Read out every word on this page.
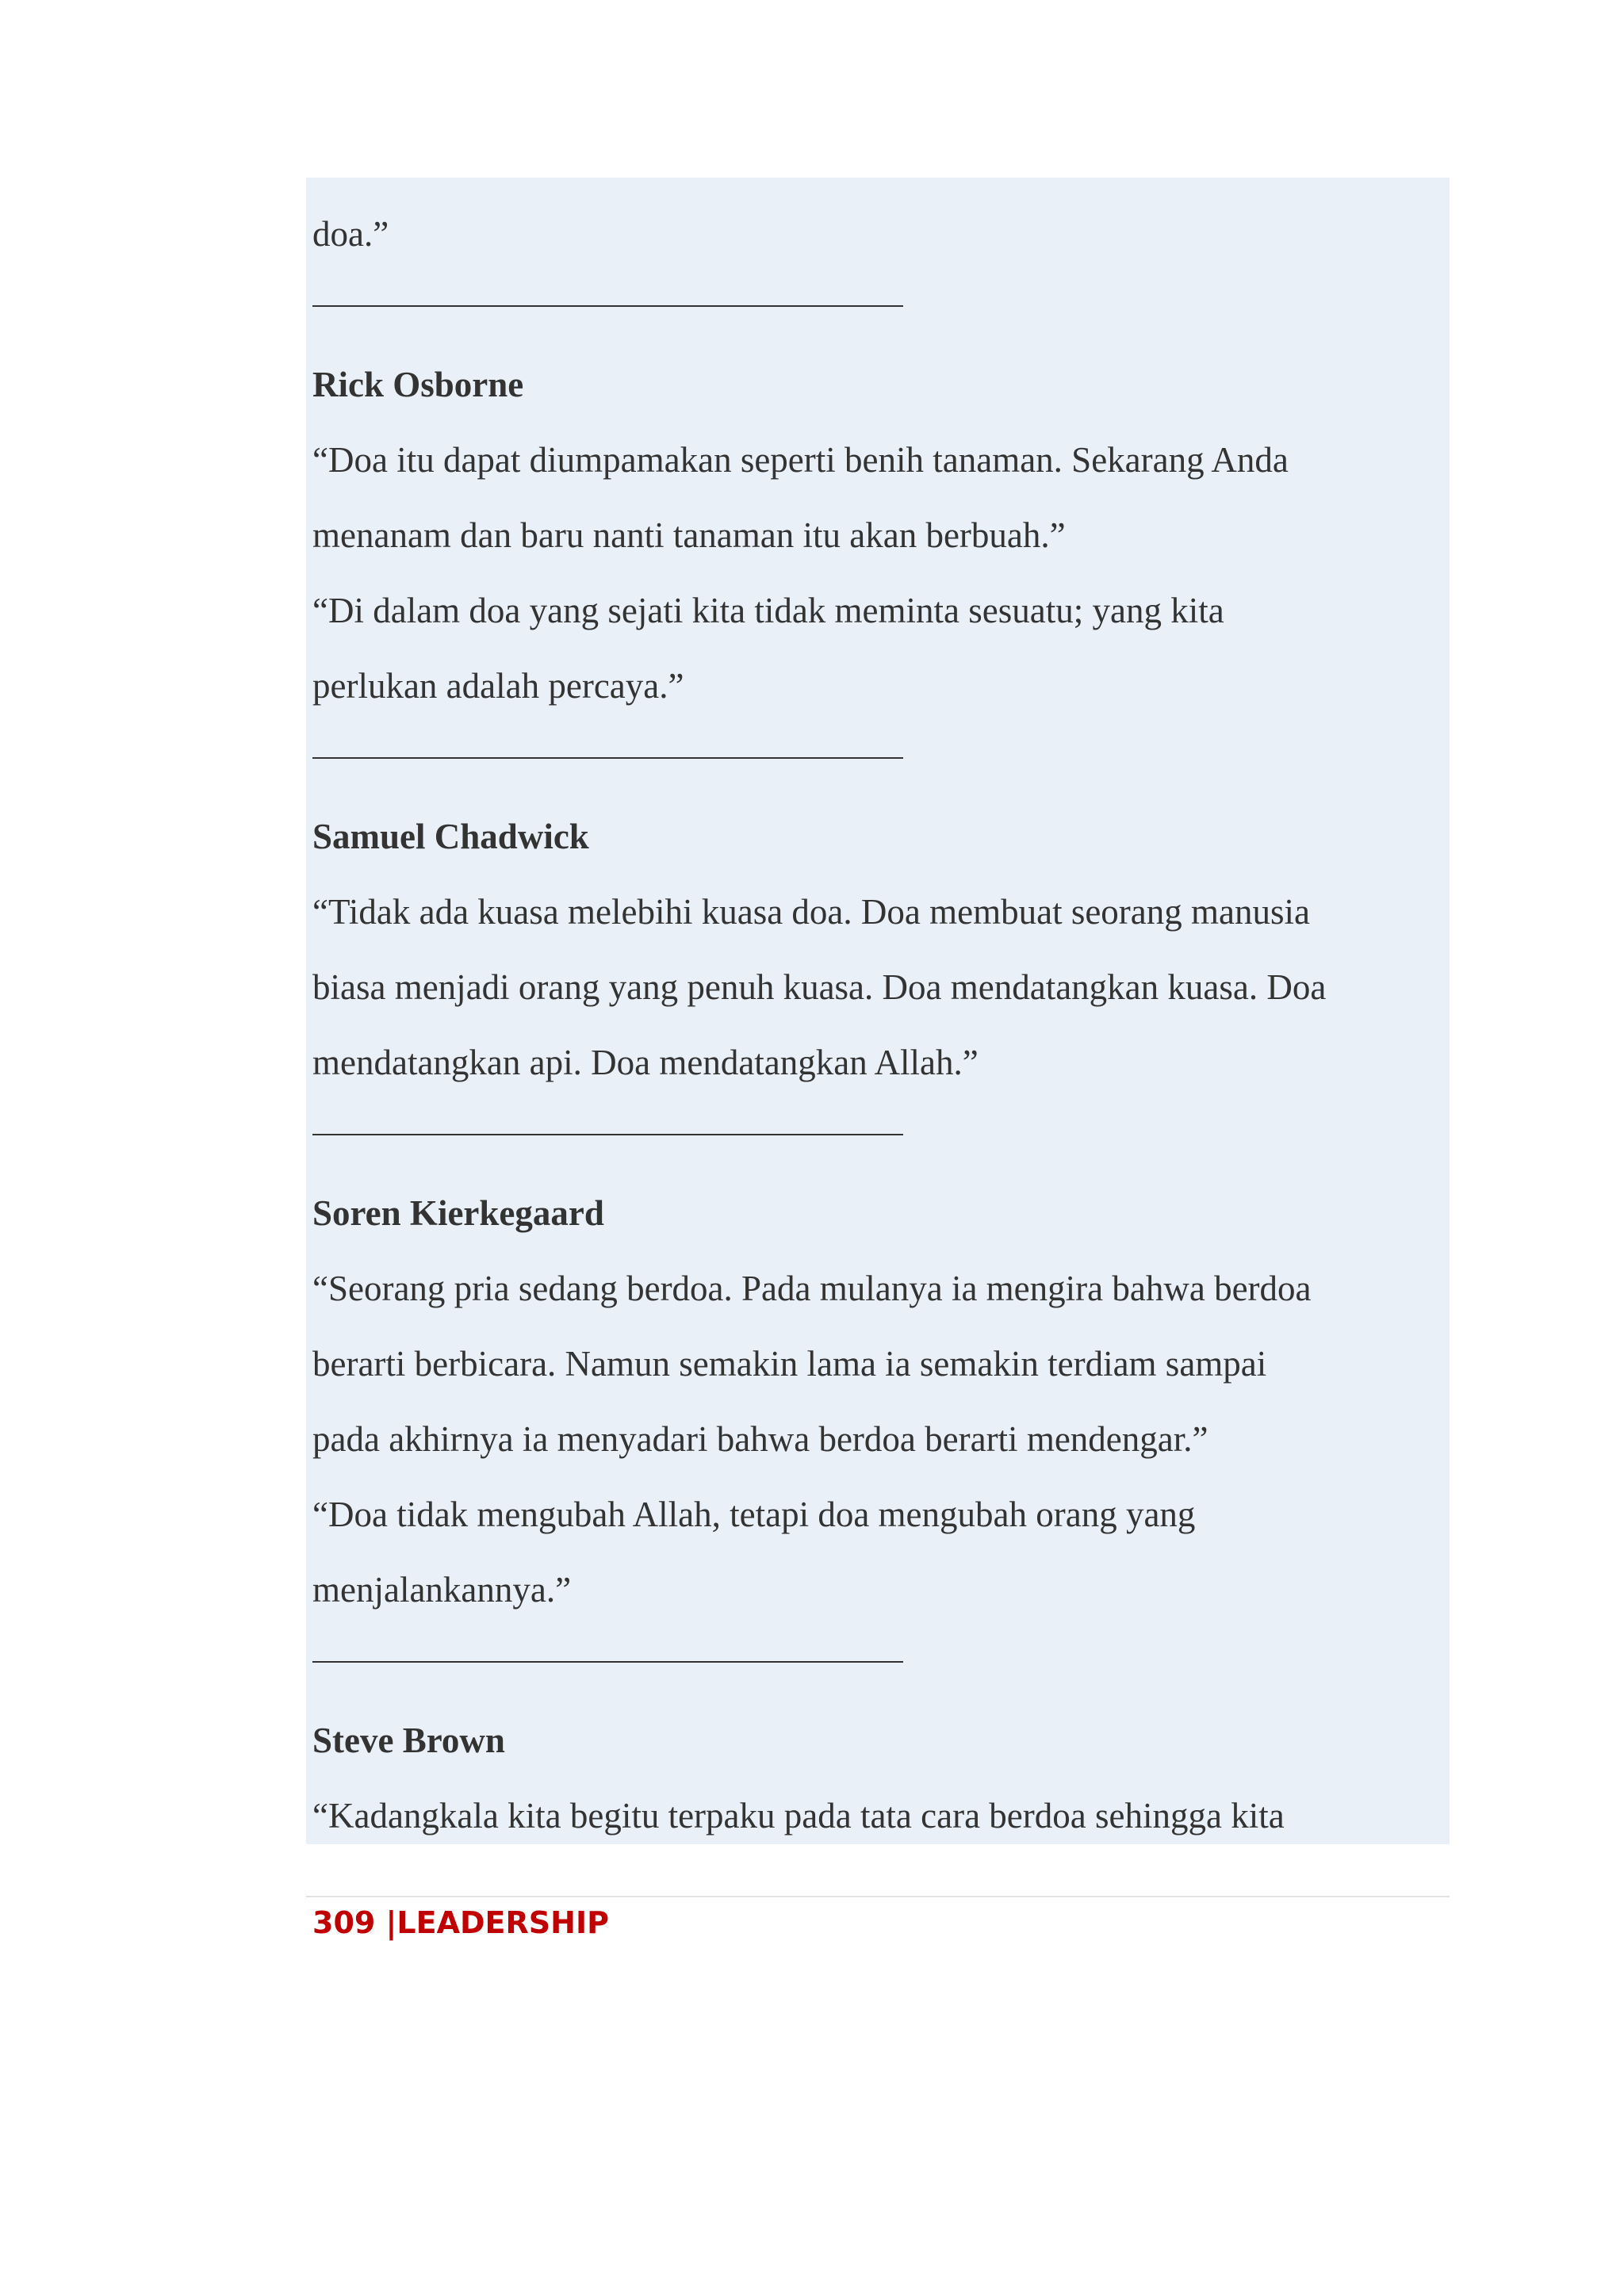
doa.”
Rick Osborne
“Doa itu dapat diumpamakan seperti benih tanaman. Sekarang Anda
menanam dan baru nanti tanaman itu akan berbuah.”
“Di dalam doa yang sejati kita tidak meminta sesuatu; yang kita
perlukan adalah percaya.”
Samuel Chadwick
“Tidak ada kuasa melebihi kuasa doa. Doa membuat seorang manusia
biasa menjadi orang yang penuh kuasa. Doa mendatangkan kuasa. Doa
mendatangkan api. Doa mendatangkan Allah.”
Soren Kierkegaard
“Seorang pria sedang berdoa. Pada mulanya ia mengira bahwa berdoa
berarti berbicara. Namun semakin lama ia semakin terdiam sampai
pada akhirnya ia menyadari bahwa berdoa berarti mendengar.”
“Doa tidak mengubah Allah, tetapi doa mengubah orang yang
menjalankannya.”
Steve Brown
“Kadangkala kita begitu terpaku pada tata cara berdoa sehingga kita
309 |LEADERSHIP
